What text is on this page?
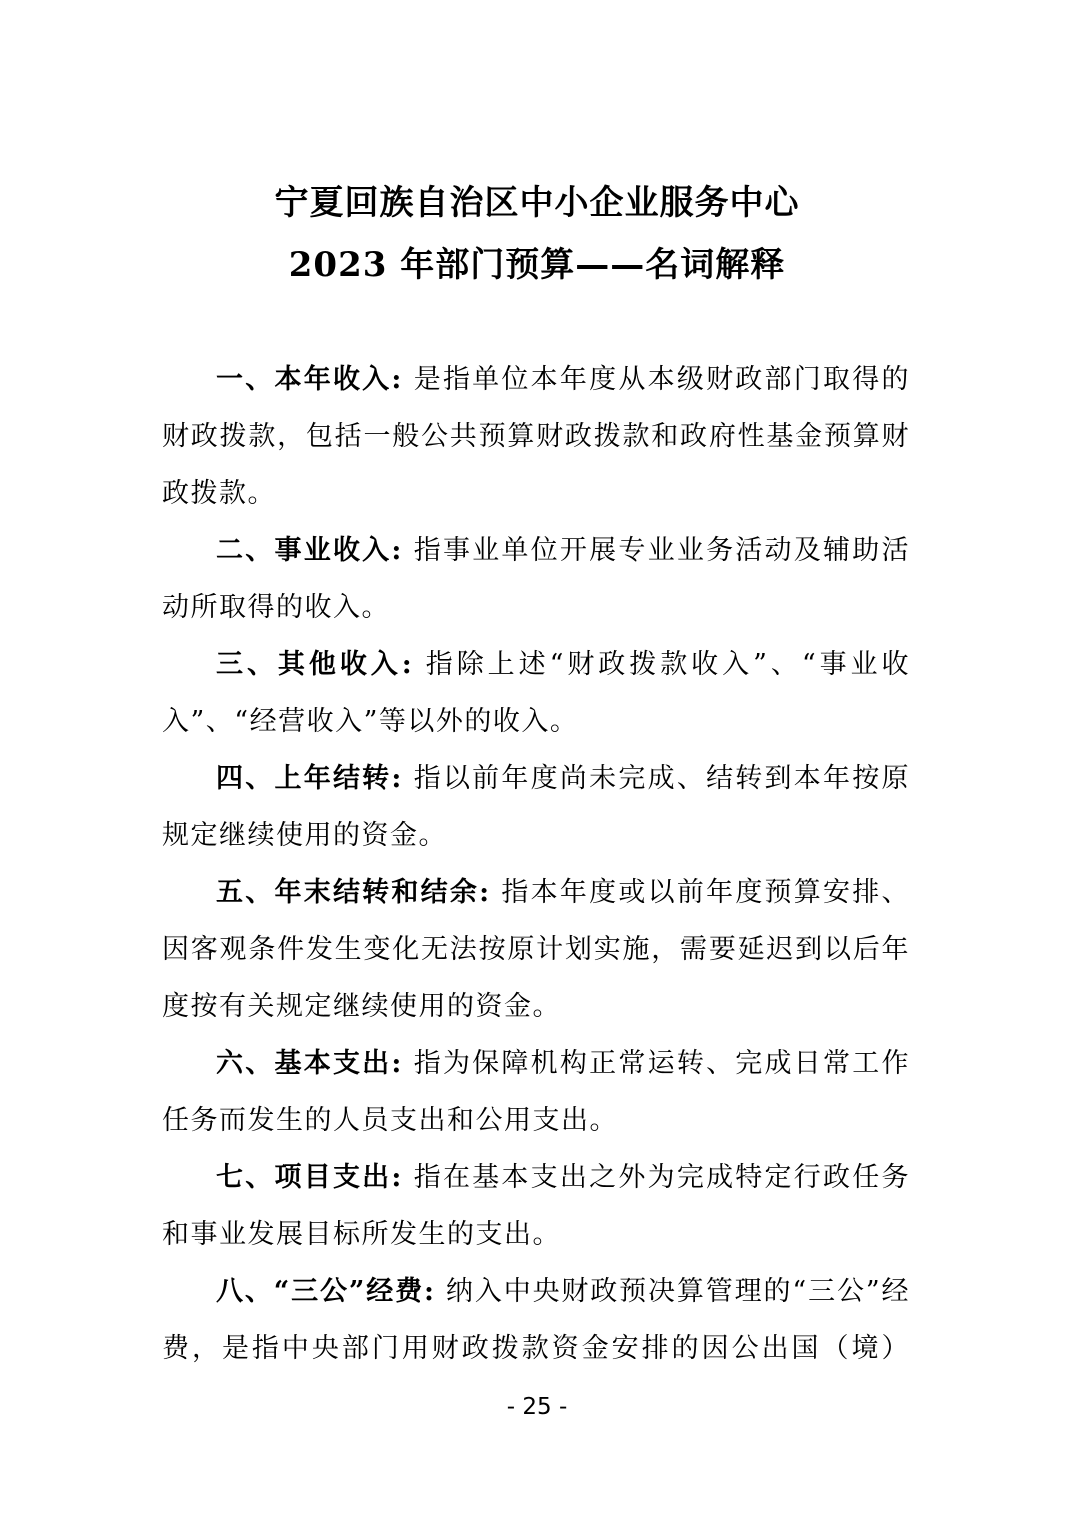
宁夏回族自治区中小企业服务中心
2023 年部门预算——名词解释

一、本年收入: 是指单位本年度从本级财政部门取得的财政拨款，包括一般公共预算财政拨款和政府性基金预算财政拨款。

二、事业收入: 指事业单位开展专业业务活动及辅助活动所取得的收入。

三、其他收入: 指除上述“财政拨款收入”、“事业收入”、“经营收入”等以外的收入。

四、上年结转: 指以前年度尚未完成、结转到本年按原规定继续使用的资金。

五、年末结转和结余: 指本年度或以前年度预算安排、因客观条件发生变化无法按原计划实施，需要延迟到以后年度按有关规定继续使用的资金。

六、基本支出: 指为保障机构正常运转、完成日常工作任务而发生的人员支出和公用支出。

七、项目支出: 指在基本支出之外为完成特定行政任务和事业发展目标所发生的支出。

八、“三公”经费: 纳入中央财政预决算管理的“三公”经费，是指中央部门用财政拨款资金安排的因公出国（境）

- 25 -
